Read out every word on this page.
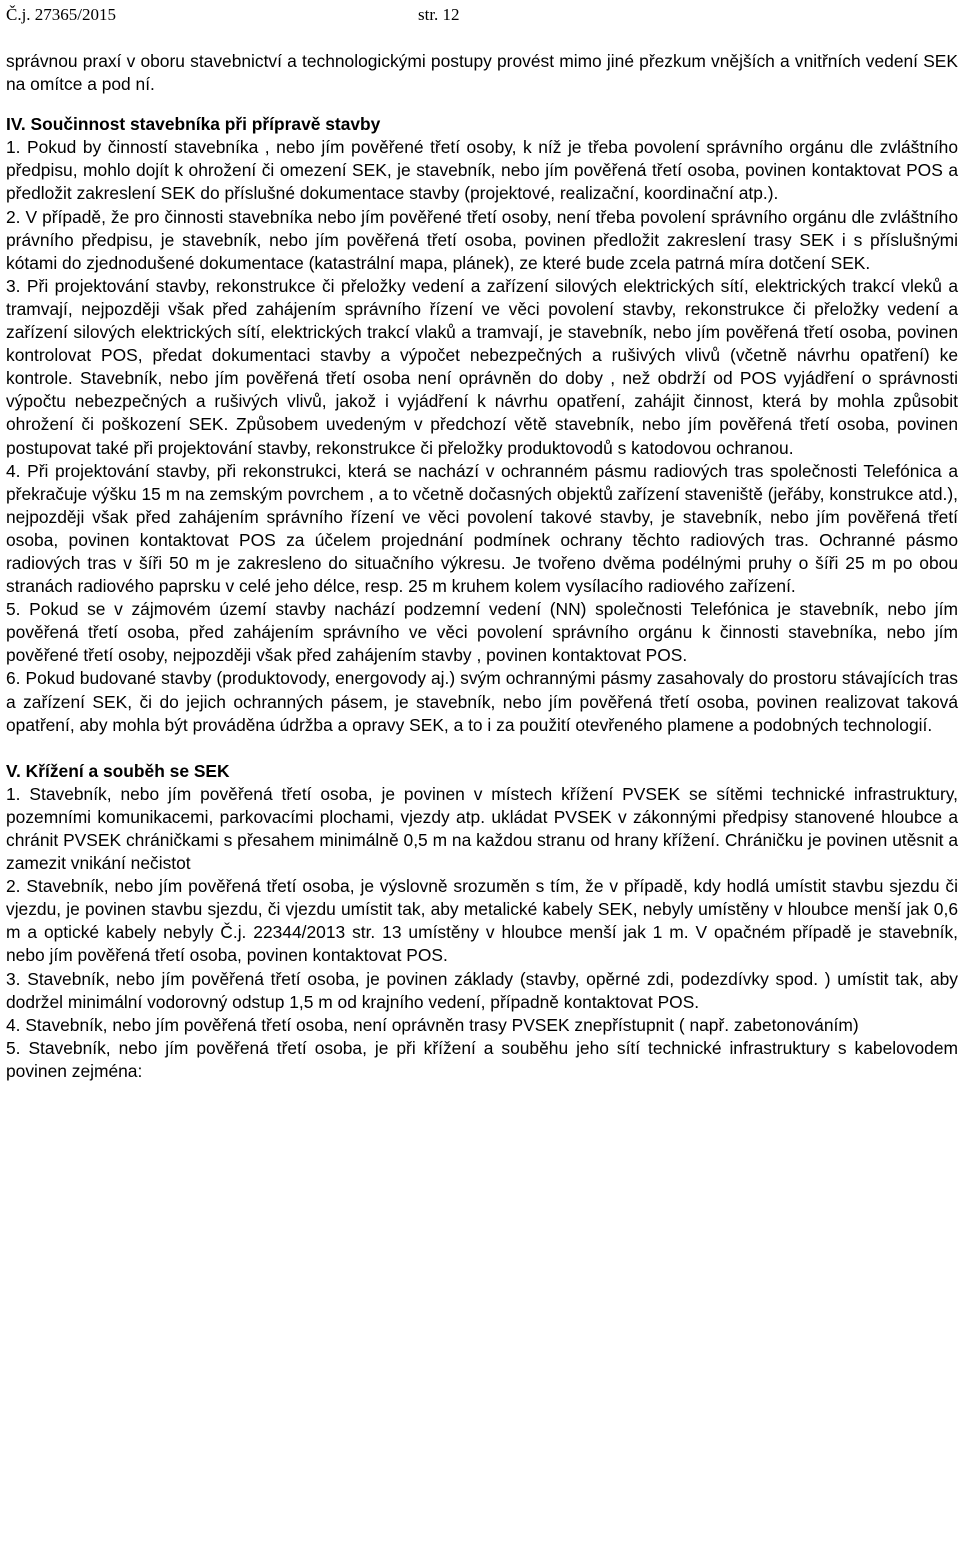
Č.j. 27365/2015	str. 12

správnou praxí v oboru stavebnictví a technologickými postupy provést mimo jiné přezkum vnějších a vnitřních vedení SEK na omítce a pod ní.

IV. Součinnost stavebníka při přípravě stavby

1. Pokud by činností stavebníka , nebo jím pověřené třetí osoby, k níž je třeba povolení správního orgánu dle zvláštního předpisu, mohlo dojít k ohrožení či omezení SEK, je stavebník, nebo jím pověřená třetí osoba, povinen kontaktovat POS a předložit zakreslení SEK do příslušné dokumentace stavby (projektové, realizační, koordinační atp.).

2. V případě, že pro činnosti stavebníka nebo jím pověřené třetí osoby, není třeba povolení správního orgánu dle zvláštního právního předpisu, je stavebník, nebo jím pověřená třetí osoba, povinen předložit zakreslení trasy SEK i s příslušnými kótami do zjednodušené dokumentace (katastrální mapa, plánek), ze které bude zcela patrná míra dotčení SEK.

3. Při projektování stavby, rekonstrukce či přeložky vedení a zařízení silových elektrických sítí, elektrických trakcí vleků a tramvají, nejpozději však před zahájením správního řízení ve věci povolení stavby, rekonstrukce či přeložky vedení a zařízení silových elektrických sítí, elektrických trakcí vlaků a tramvají, je stavebník, nebo jím pověřená třetí osoba, povinen kontrolovat POS, předat dokumentaci stavby a výpočet nebezpečných a rušivých vlivů (včetně návrhu opatření) ke kontrole. Stavebník, nebo jím pověřená třetí osoba není oprávněn do doby , než obdrží od POS vyjádření o správnosti výpočtu nebezpečných a rušivých vlivů, jakož i vyjádření k návrhu opatření, zahájit činnost, která by mohla způsobit ohrožení či poškození SEK. Způsobem uvedeným v předchozí větě stavebník, nebo jím pověřená třetí osoba, povinen postupovat také při projektování stavby, rekonstrukce či přeložky produktovodů s katodovou ochranou.

4. Při projektování stavby, při rekonstrukci, která se nachází v ochranném pásmu radiových tras společnosti Telefónica a překračuje výšku 15 m na zemským povrchem , a to včetně dočasných objektů zařízení staveniště (jeřáby, konstrukce atd.), nejpozději však před zahájením správního řízení ve věci povolení takové stavby, je stavebník, nebo jím pověřená třetí osoba, povinen kontaktovat POS za účelem projednání podmínek ochrany těchto radiových tras. Ochranné pásmo radiových tras v šíři 50 m je zakresleno do situačního výkresu. Je tvořeno dvěma podélnými pruhy o šíři 25 m po obou stranách radiového paprsku v celé jeho délce, resp. 25 m kruhem kolem vysílacího radiového zařízení.

5. Pokud se v zájmovém území stavby nachází podzemní vedení (NN) společnosti Telefónica je stavebník, nebo jím pověřená třetí osoba, před zahájením správního ve věci povolení správního orgánu k činnosti stavebníka, nebo jím pověřené třetí osoby, nejpozději však před zahájením stavby , povinen kontaktovat POS.

6. Pokud budované stavby (produktovody, energovody aj.) svým ochrannými pásmy zasahovaly do prostoru stávajících tras a zařízení SEK, či do jejich ochranných pásem, je stavebník, nebo jím pověřená třetí osoba, povinen realizovat taková opatření, aby mohla být prováděna údržba a opravy SEK, a to i za použití otevřeného plamene a podobných technologií.

V. Křížení a souběh se SEK

1. Stavebník, nebo jím pověřená třetí osoba, je povinen v místech křížení PVSEK se sítěmi technické infrastruktury, pozemními komunikacemi, parkovacími plochami, vjezdy atp. ukládat PVSEK v zákonnými předpisy stanovené hloubce a chránit PVSEK chráničkami s přesahem minimálně 0,5 m na každou stranu od hrany křížení. Chráničku je povinen utěsnit a zamezit vnikání nečistot

2. Stavebník, nebo jím pověřená třetí osoba, je výslovně srozuměn s tím, že v případě, kdy hodlá umístit stavbu sjezdu či vjezdu, je povinen stavbu sjezdu, či vjezdu umístit tak, aby metalické kabely SEK, nebyly umístěny v hloubce menší jak 0,6 m a optické kabely nebyly Č.j. 22344/2013 str. 13 umístěny v hloubce menší jak 1 m. V opačném případě je stavebník, nebo jím pověřená třetí osoba, povinen kontaktovat POS.

3. Stavebník, nebo jím pověřená třetí osoba, je povinen základy (stavby, opěrné zdi, podezdívky spod. ) umístit tak, aby dodržel minimální vodorovný odstup 1,5 m od krajního vedení, případně kontaktovat POS.

4. Stavebník, nebo jím pověřená třetí osoba, není oprávněn trasy PVSEK znepřístupnit ( např. zabetonováním)

5. Stavebník, nebo jím pověřená třetí osoba, je při křížení a souběhu jeho sítí technické infrastruktury s kabelovodem povinen zejména:
